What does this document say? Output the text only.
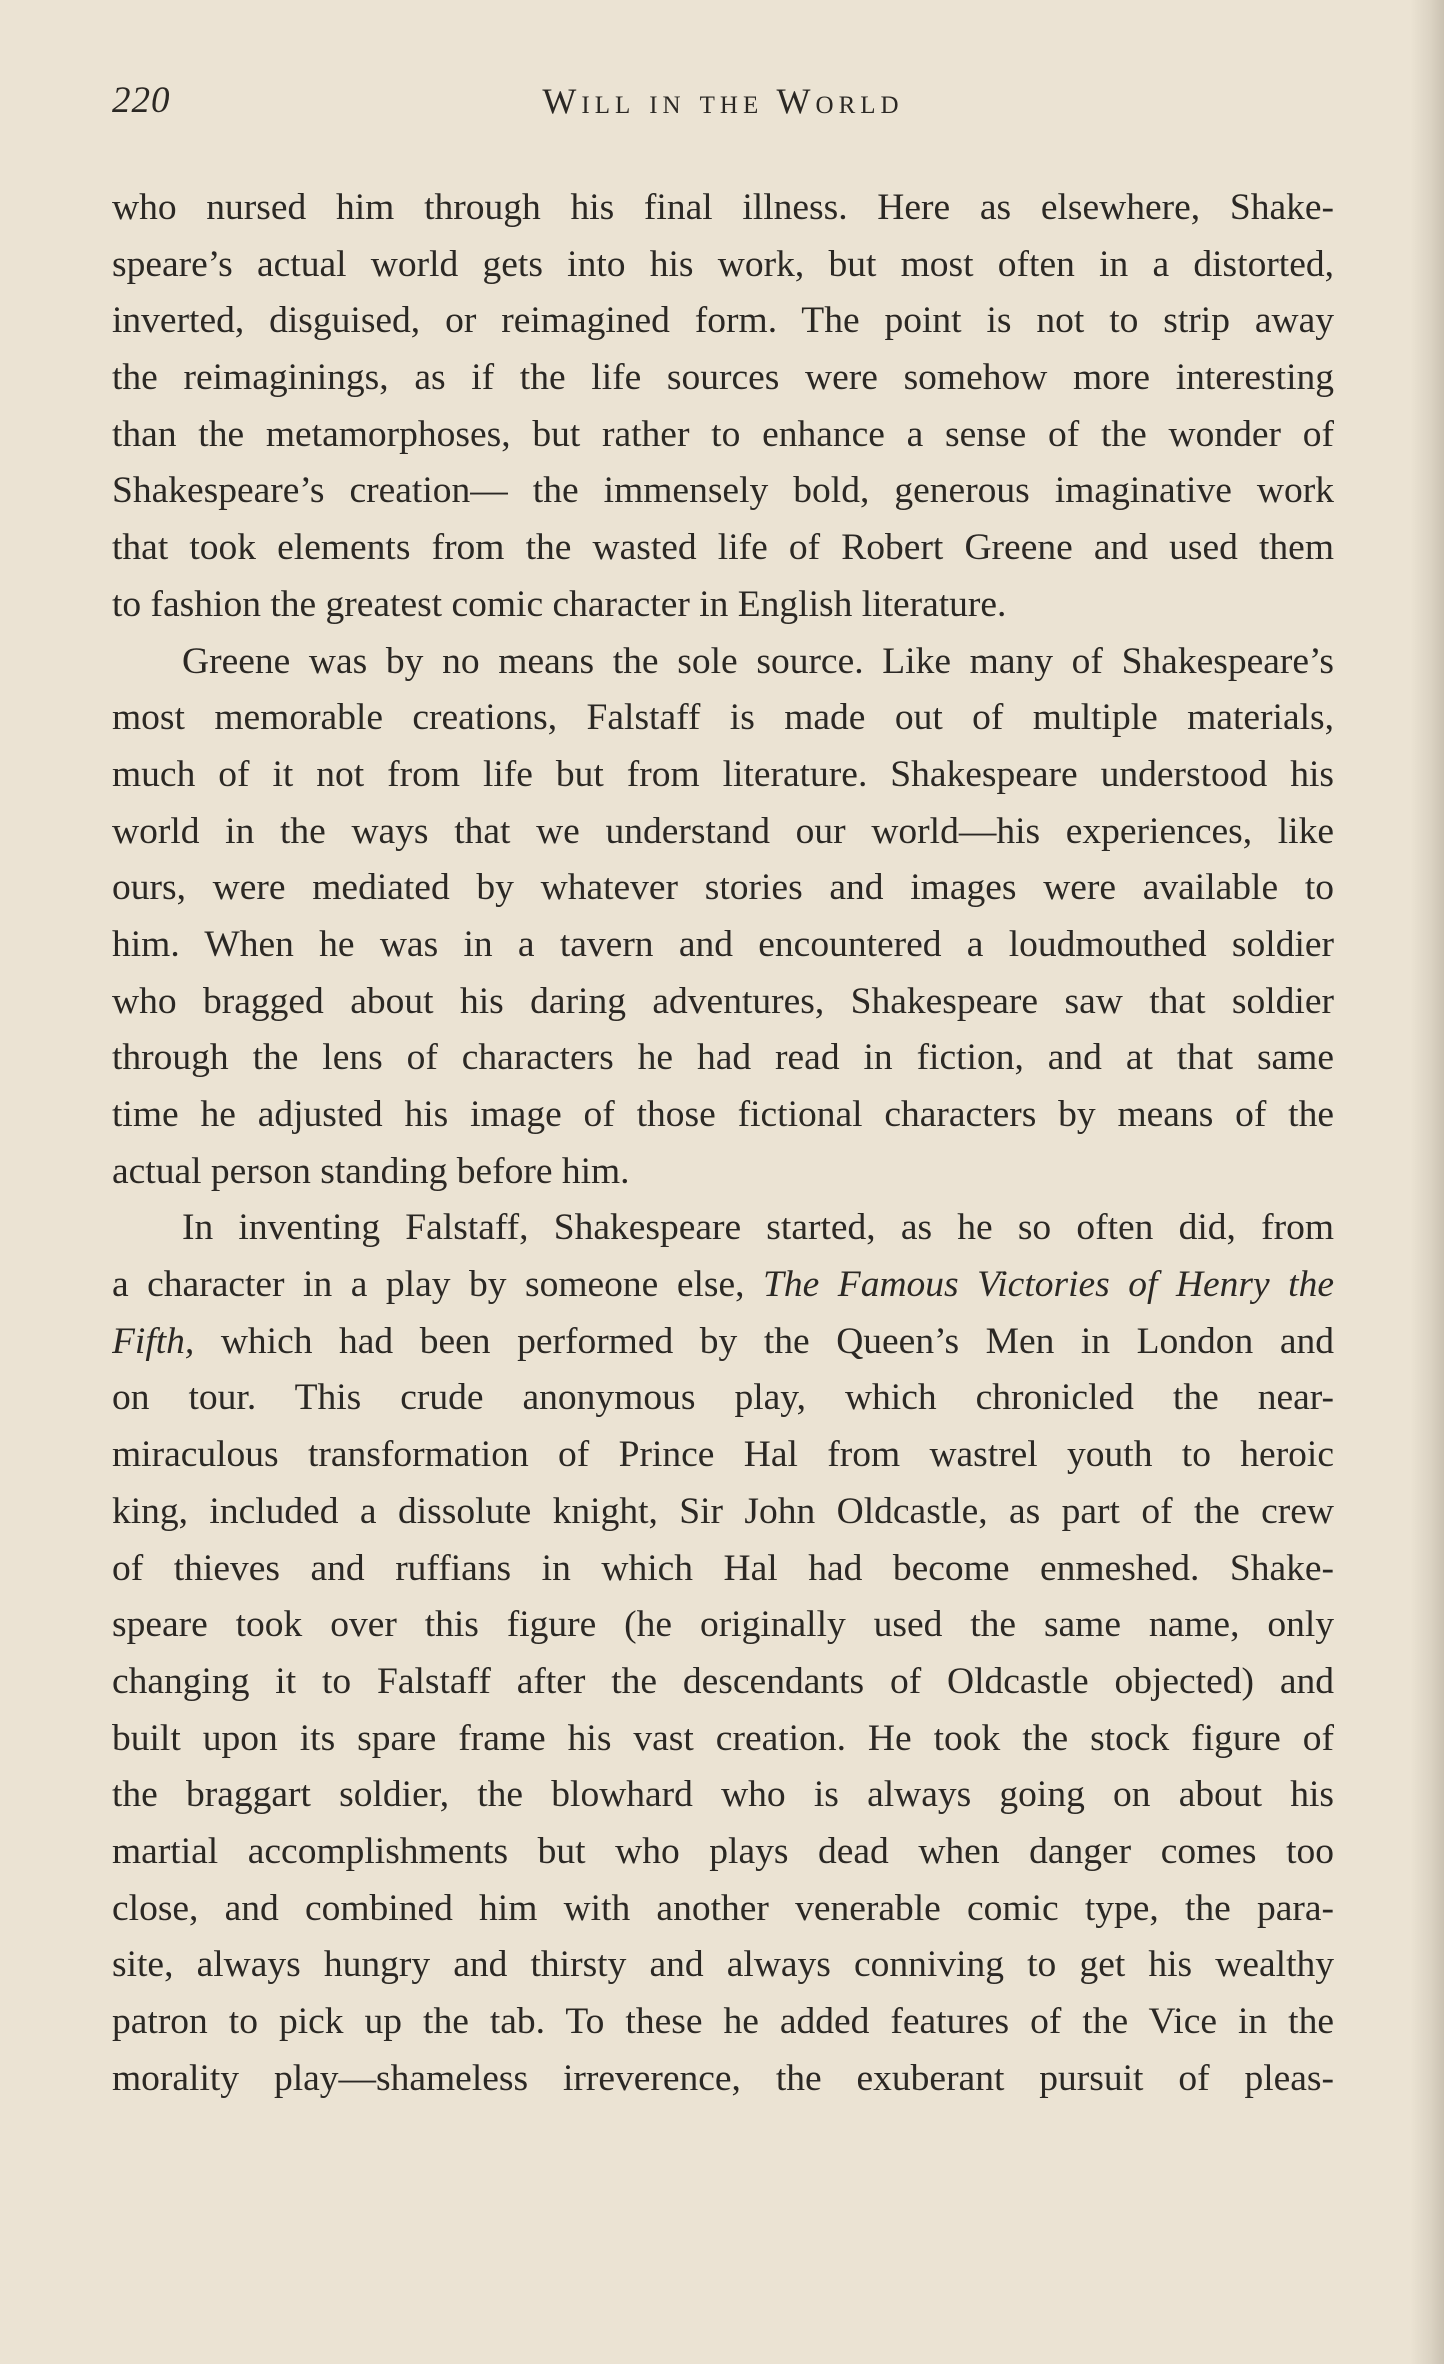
220	Will in the World
who nursed him through his final illness. Here as elsewhere, Shake-
speare’s actual world gets into his work, but most often in a distorted,
inverted, disguised, or reimagined form. The point is not to strip away
the reimaginings, as if the life sources were somehow more interesting
than the metamorphoses, but rather to enhance a sense of the wonder of
Shakespeare’s creation— the immensely bold, generous imaginative work
that took elements from the wasted life of Robert Greene and used them
to fashion the greatest comic character in English literature.
Greene was by no means the sole source. Like many of Shakespeare’s
most memorable creations, Falstaff is made out of multiple materials,
much of it not from life but from literature. Shakespeare understood his
world in the ways that we understand our world—his experiences, like
ours, were mediated by whatever stories and images were available to
him. When he was in a tavern and encountered a loudmouthed soldier
who bragged about his daring adventures, Shakespeare saw that soldier
through the lens of characters he had read in fiction, and at that same
time he adjusted his image of those fictional characters by means of the
actual person standing before him.
In inventing Falstaff, Shakespeare started, as he so often did, from
a character in a play by someone else, The Famous Victories of Henry the
Fifth, which had been performed by the Queen’s Men in London and
on tour. This crude anonymous play, which chronicled the near-
miraculous transformation of Prince Hal from wastrel youth to heroic
king, included a dissolute knight, Sir John Oldcastle, as part of the crew
of thieves and ruffians in which Hal had become enmeshed. Shake-
speare took over this figure (he originally used the same name, only
changing it to Falstaff after the descendants of Oldcastle objected) and
built upon its spare frame his vast creation. He took the stock figure of
the braggart soldier, the blowhard who is always going on about his
martial accomplishments but who plays dead when danger comes too
close, and combined him with another venerable comic type, the para-
site, always hungry and thirsty and always conniving to get his wealthy
patron to pick up the tab. To these he added features of the Vice in the
morality play—shameless irreverence, the exuberant pursuit of pleas-
